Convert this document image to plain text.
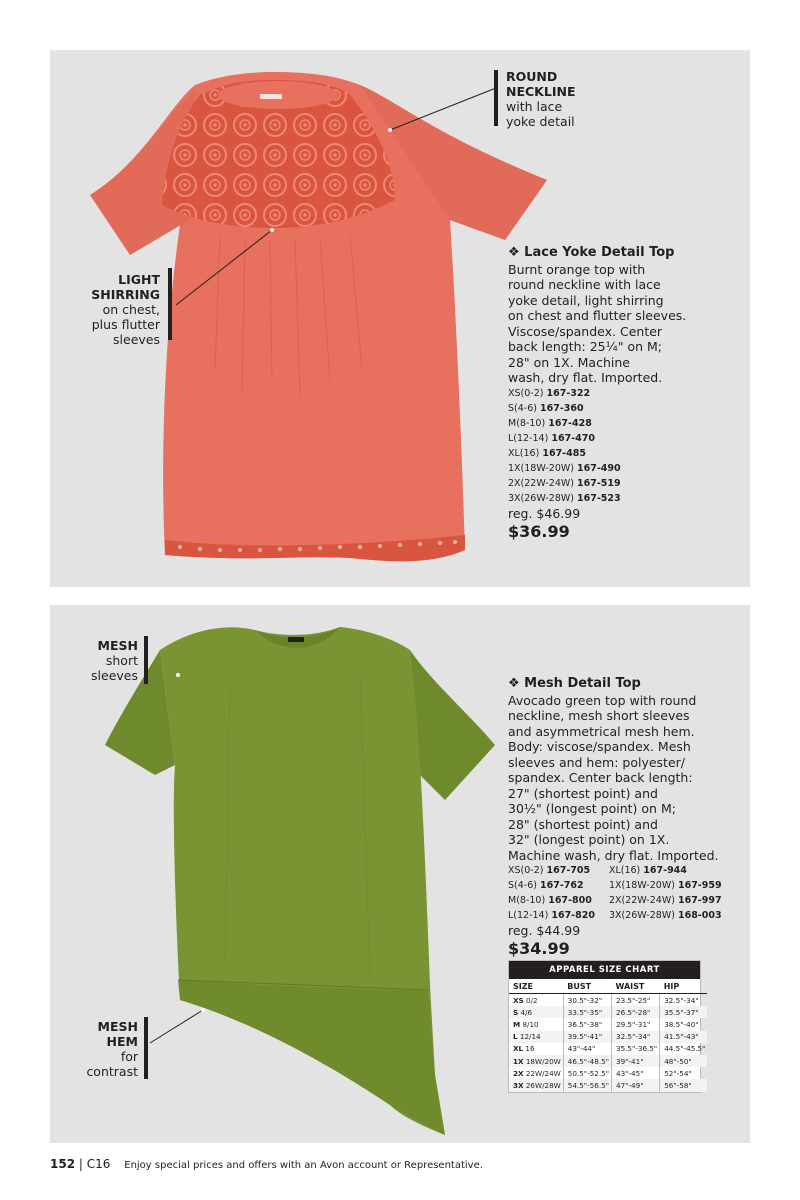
ROUND
NECKLINE
with lace
yoke detail
LIGHT
SHIRRING
on chest,
plus flutter
sleeves
❖ Lace Yoke Detail Top
Burnt orange top with
round neckline with lace
yoke detail, light shirring
on chest and flutter sleeves.
Viscose/spandex. Center
back length: 25¼" on M;
28" on 1X. Machine
wash, dry flat. Imported.
XS(0-2) 167-322
S(4-6) 167-360
M(8-10) 167-428
L(12-14) 167-470
XL(16) 167-485
1X(18W-20W) 167-490
2X(22W-24W) 167-519
3X(26W-28W) 167-523
reg. $46.99
$36.99
MESH
short
sleeves
MESH
HEM
for
contrast
❖ Mesh Detail Top
Avocado green top with round
neckline, mesh short sleeves
and asymmetrical mesh hem.
Body: viscose/spandex. Mesh
sleeves and hem: polyester/
spandex. Center back length:
27" (shortest point) and
30½" (longest point) on M;
28" (shortest point) and
32" (longest point) on 1X.
Machine wash, dry flat. Imported.
XS(0-2) 167-705
S(4-6) 167-762
M(8-10) 167-800
L(12-14) 167-820
XL(16) 167-944
1X(18W-20W) 167-959
2X(22W-24W) 167-997
3X(26W-28W) 168-003
reg. $44.99
$34.99
APPAREL SIZE CHART
SIZE	BUST	WAIST	HIP
XS 0/2	30.5"-32"	23.5"-25"	32.5"-34"
S 4/6	33.5"-35"	26.5"-28"	35.5"-37"
M 8/10	36.5"-38"	29.5"-31"	38.5"-40"
L 12/14	39.5"-41"	32.5"-34"	41.5"-43"
XL 16	43"-44"	35.5"-36.5"	44.5"-45.5"
1X 18W/20W	46.5"-48.5"	39"-41"	48"-50"
2X 22W/24W	50.5"-52.5"	43"-45"	52"-54"
3X 26W/28W	54.5"-56.5"	47"-49"	56"-58"
152 | C16 Enjoy special prices and offers with an Avon account or Representative.
